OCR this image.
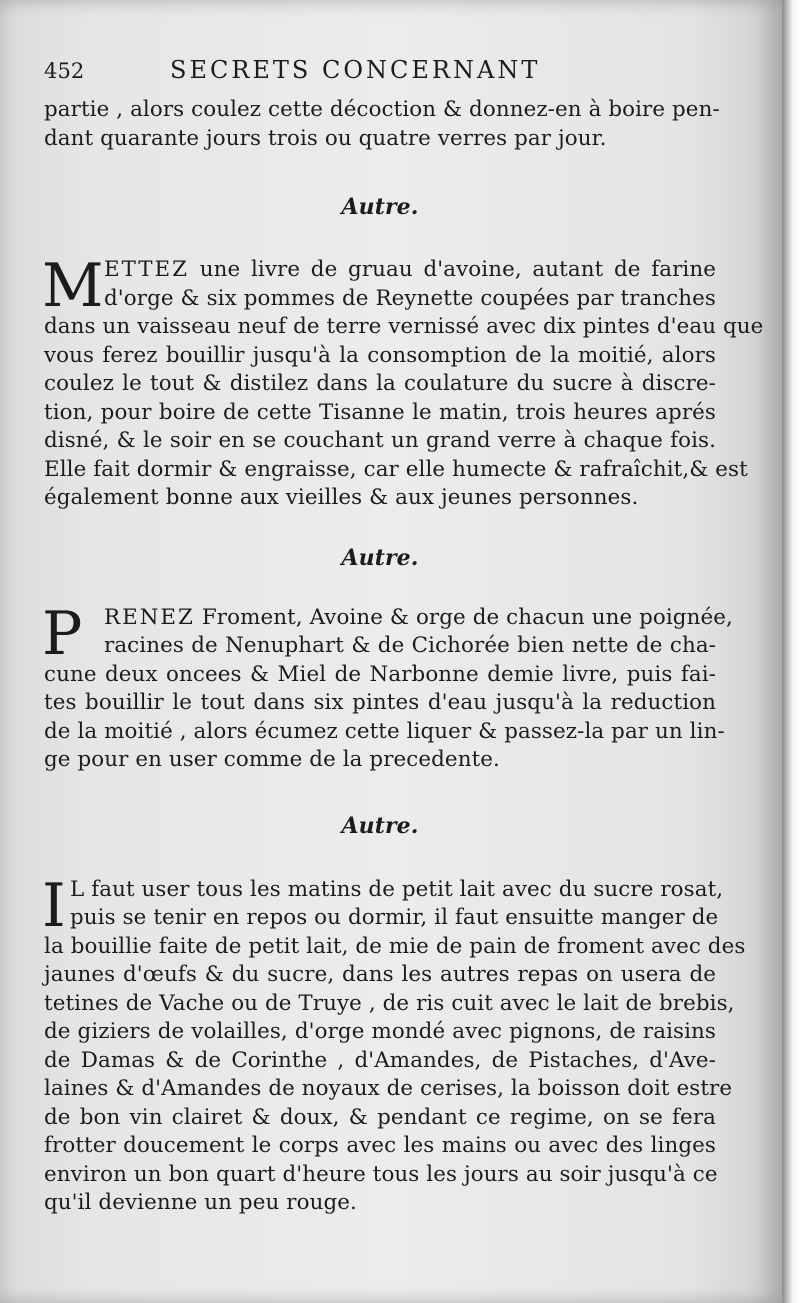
452	SECRETS CONCERNANT
partie , alors coulez cette décoction & donnez-en à boire pen-
dant quarante jours trois ou quatre verres par jour.
Autre.
M ETTEZ une livre de gruau d'avoine, autant de farine
d'orge & six pommes de Reynette coupées par tranches
dans un vaisseau neuf de terre vernissé avec dix pintes d'eau que
vous ferez bouillir jusqu'à la consomption de la moitié, alors
coulez le tout & distilez dans la coulature du sucre à discre-
tion, pour boire de cette Tisanne le matin, trois heures aprés
disné, & le soir en se couchant un grand verre à chaque fois.
Elle fait dormir & engraisse, car elle humecte & rafraîchit,& est
également bonne aux vieilles & aux jeunes personnes.
Autre.
P	RENEZ Froment, Avoine & orge de chacun une poignée,
racines de Nenuphart & de Cichorée bien nette de cha-
cune deux oncees & Miel de Narbonne demie livre, puis fai-
tes bouillir le tout dans six pintes d'eau jusqu'à la reduction
de la moitié , alors écumez cette liquer & passez-la par un lin-
ge pour en user comme de la precedente.
Autre.
I L faut user tous les matins de petit lait avec du sucre rosat,
puis se tenir en repos ou dormir, il faut ensuitte manger de
la bouillie faite de petit lait, de mie de pain de froment avec des
jaunes d'œufs & du sucre, dans les autres repas on usera de
tetines de Vache ou de Truye , de ris cuit avec le lait de brebis,
de giziers de volailles, d'orge mondé avec pignons, de raisins
de Damas & de Corinthe , d'Amandes, de Pistaches, d'Ave-
laines & d'Amandes de noyaux de cerises, la boisson doit estre
de bon vin clairet & doux, & pendant ce regime, on se fera
frotter doucement le corps avec les mains ou avec des linges
environ un bon quart d'heure tous les jours au soir jusqu'à ce
qu'il devienne un peu rouge.
